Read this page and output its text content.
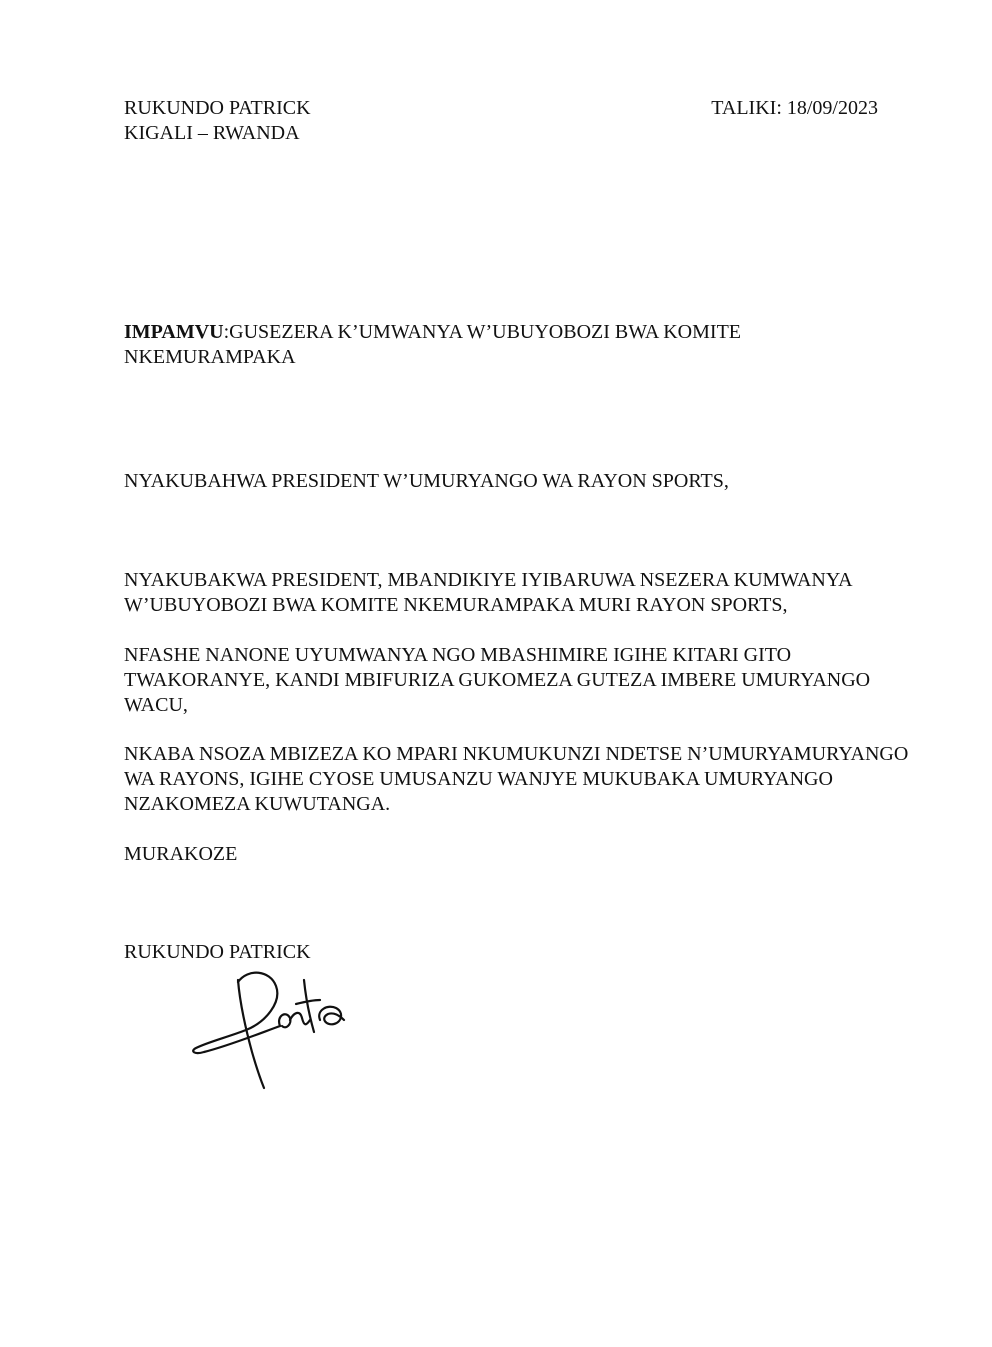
RUKUNDO PATRICK
KIGALI – RWANDA
TALIKI: 18/09/2023
IMPAMVU:GUSEZERA K’UMWANYA W’UBUYOBOZI BWA KOMITE
NKEMURAMPAKA
NYAKUBAHWA PRESIDENT W’UMURYANGO WA RAYON SPORTS,
NYAKUBAKWA PRESIDENT, MBANDIKIYE IYIBARUWA NSEZERA KUMWANYA
W’UBUYOBOZI BWA KOMITE NKEMURAMPAKA MURI RAYON SPORTS,
NFASHE NANONE UYUMWANYA NGO MBASHIMIRE IGIHE KITARI GITO
TWAKORANYE, KANDI MBIFURIZA GUKOMEZA GUTEZA IMBERE UMURYANGO
WACU,
NKABA NSOZA MBIZEZA KO MPARI NKUMUKUNZI NDETSE N’UMURYAMURYANGO
WA RAYONS, IGIHE CYOSE UMUSANZU WANJYE MUKUBAKA UMURYANGO
NZAKOMEZA KUWUTANGA.
MURAKOZE
RUKUNDO PATRICK
